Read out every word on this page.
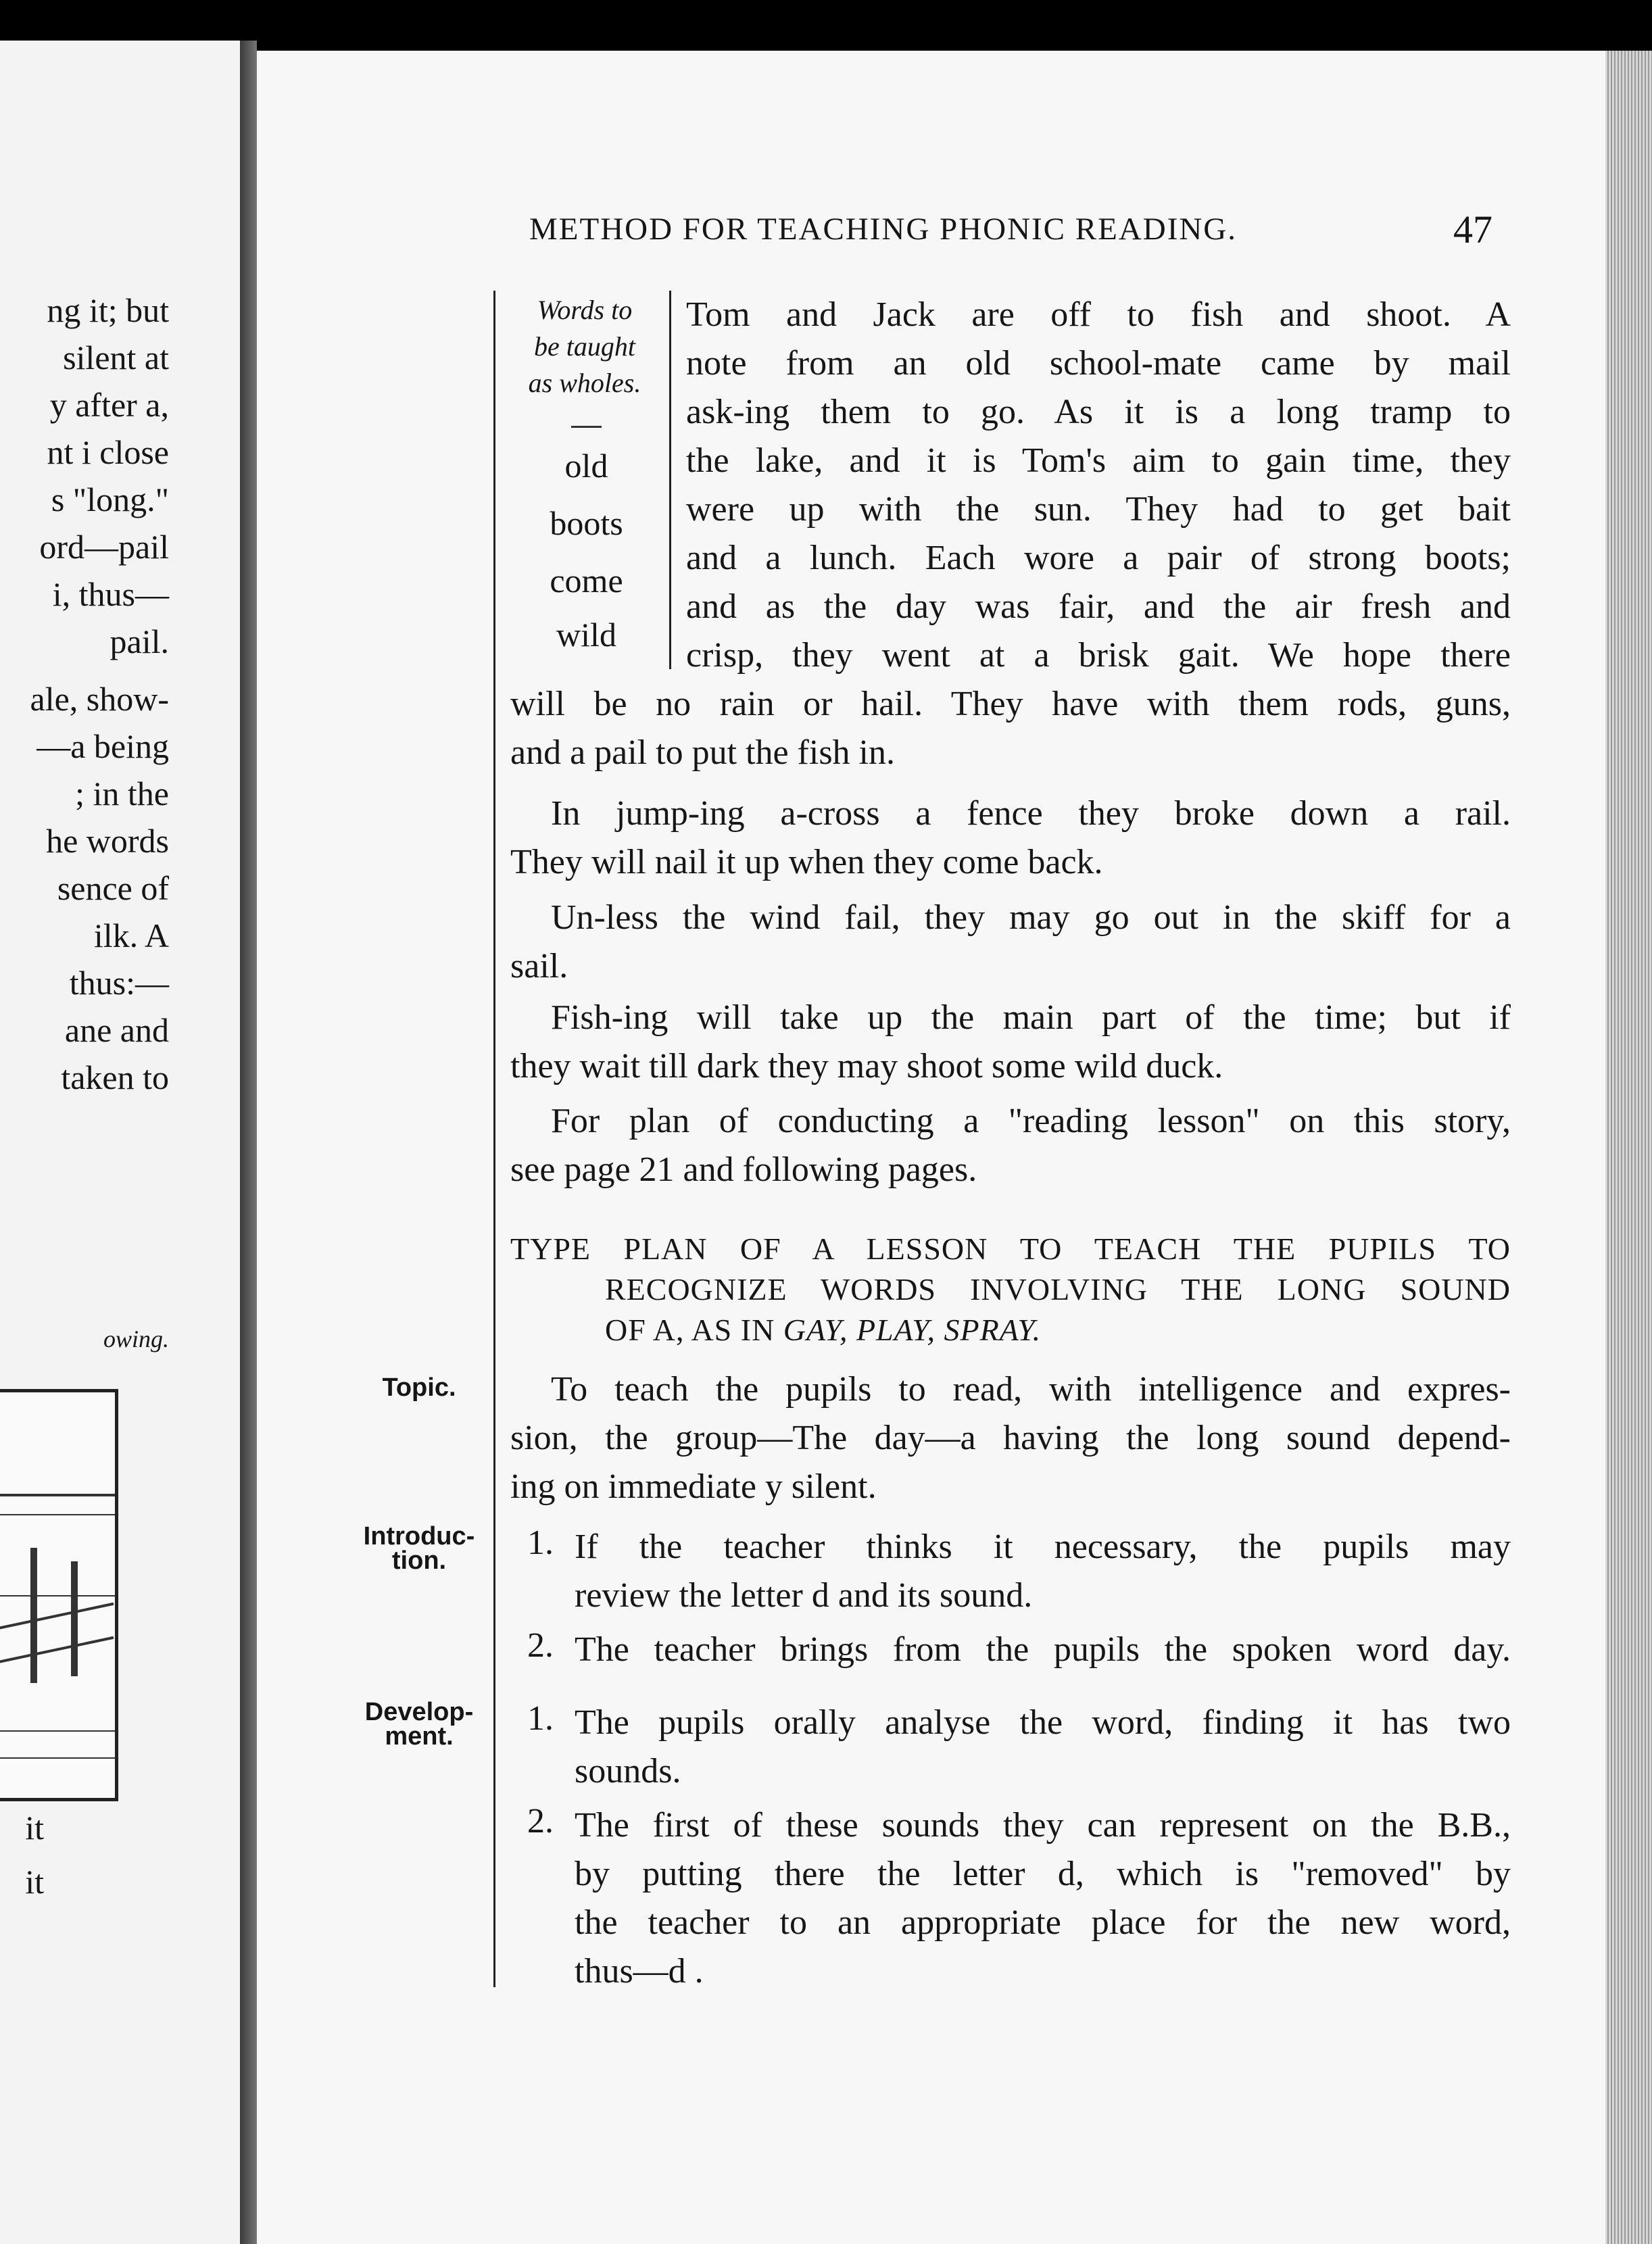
ng it; but
silent at
y after a,
nt i close
s "long."
ord—pail
i, thus—
pail.
ale, show-
—a being
; in the
he words
sence of
ilk. A
thus:—
ane and
taken to
owing.
it
it
METHOD FOR TEACHING PHONIC READING.	47
Words to
be taught
as wholes.
old
boots
come
wild
Tom and Jack are off to fish and shoot. A
note from an old school-mate came by mail
ask-ing them to go. As it is a long tramp to
the lake, and it is Tom's aim to gain time, they
were up with the sun. They had to get bait
and a lunch. Each wore a pair of strong boots;
and as the day was fair, and the air fresh and
crisp, they went at a brisk gait. We hope there
will be no rain or hail. They have with them rods, guns,
and a pail to put the fish in.
In jump-ing a-cross a fence they broke down a rail.
They will nail it up when they come back.
Un-less the wind fail, they may go out in the skiff for a
sail.
Fish-ing will take up the main part of the time; but if
they wait till dark they may shoot some wild duck.
For plan of conducting a "reading lesson" on this story,
see page 21 and following pages.
TYPE PLAN OF A LESSON TO TEACH THE PUPILS TO
RECOGNIZE WORDS INVOLVING THE LONG SOUND
OF A, AS IN GAY, PLAY, SPRAY.
Topic.	To teach the pupils to read, with intelligence and expres-
sion, the group—The day—a having the long sound depend-
ing on immediate y silent.
Introduc-
tion.	1. If the teacher thinks it necessary, the pupils may
review the letter d and its sound.
2. The teacher brings from the pupils the spoken word day.
Develop-
ment.	1. The pupils orally analyse the word, finding it has two
sounds.
2. The first of these sounds they can represent on the B.B.,
by putting there the letter d, which is "removed" by
the teacher to an appropriate place for the new word,
thus—d .
